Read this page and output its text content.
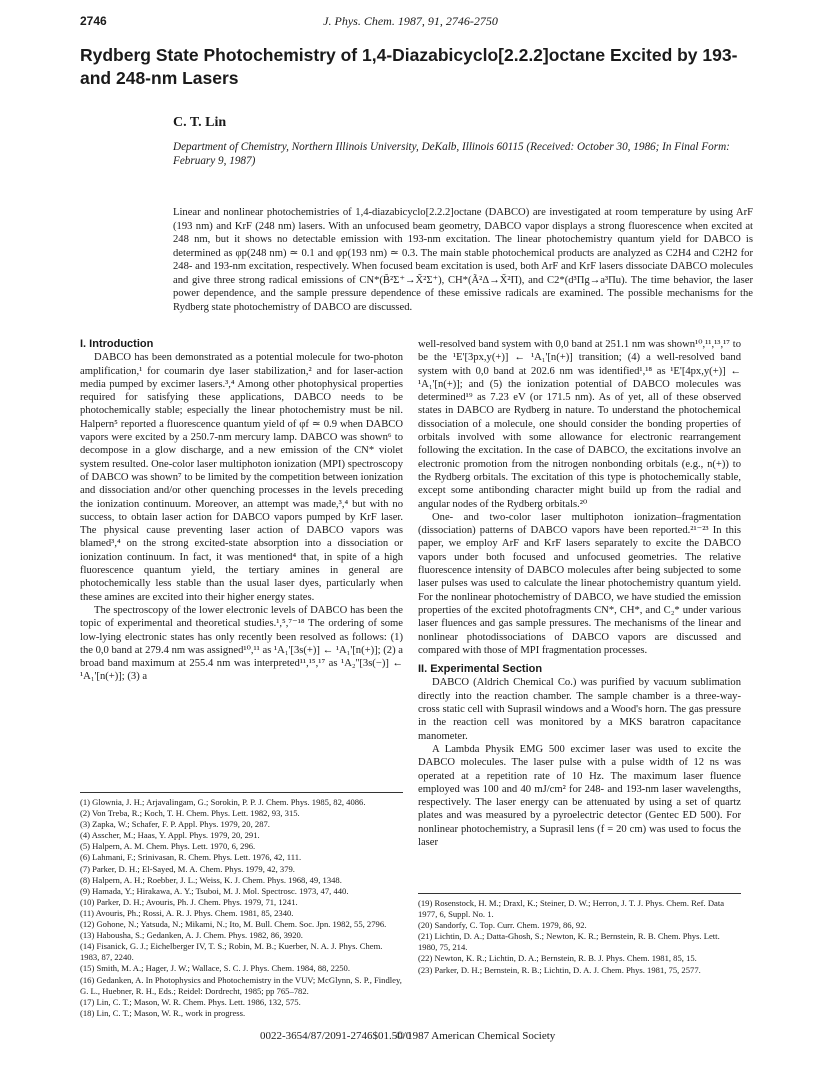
2746	J. Phys. Chem. 1987, 91, 2746-2750
Rydberg State Photochemistry of 1,4-Diazabicyclo[2.2.2]octane Excited by 193- and 248-nm Lasers
C. T. Lin
Department of Chemistry, Northern Illinois University, DeKalb, Illinois 60115 (Received: October 30, 1986; In Final Form: February 9, 1987)
Linear and nonlinear photochemistries of 1,4-diazabicyclo[2.2.2]octane (DABCO) are investigated at room temperature by using ArF (193 nm) and KrF (248 nm) lasers. With an unfocused beam geometry, DABCO vapor displays a strong fluorescence when excited at 248 nm, but it shows no detectable emission with 193-nm excitation. The linear photochemistry quantum yield for DABCO is determined as φp(248 nm) ≃ 0.1 and φp(193 nm) ≃ 0.3. The main stable photochemical products are analyzed as C2H4 and C2H2 for 248- and 193-nm excitation, respectively. When focused beam excitation is used, both ArF and KrF lasers dissociate DABCO molecules and give three strong radical emissions of CN*(B̃²Σ⁺→X̃²Σ⁺), CH*(Ã²Δ→X̃²Π), and C2*(d³Πg→a³Πu). The time behavior, the laser power dependence, and the sample pressure dependence of these emissive radicals are examined. The possible mechanisms for the Rydberg state photochemistry of DABCO are discussed.

I. Introduction

DABCO has been demonstrated as a potential molecule for two-photon amplification,¹ for coumarin dye laser stabilization,² and for laser-action media pumped by excimer lasers.³,⁴ Among other photophysical properties required for satisfying these applications, DABCO needs to be photochemically stable; especially the linear photochemistry must be nil. Halpern⁵ reported a fluorescence quantum yield of φf ≃ 0.9 when DABCO vapors were excited by a 250.7-nm mercury lamp. DABCO was shown⁶ to decompose in a glow discharge, and a new emission of the CN* violet system resulted. One-color laser multiphoton ionization (MPI) spectroscopy of DABCO was shown⁷ to be limited by the competition between ionization and dissociation and/or other quenching processes in the levels preceding the ionization continuum. Moreover, an attempt was made,³,⁴ but with no success, to obtain laser action for DABCO vapors pumped by KrF laser. The physical cause preventing laser action of DABCO vapors was blamed³,⁴ on the strong excited-state absorption into a dissociation or ionization continuum. In fact, it was mentioned⁴ that, in spite of a high fluorescence quantum yield, the tertiary amines in general are photochemically less stable than the usual laser dyes, particularly when these amines are excited into their higher energy states.

The spectroscopy of the lower electronic levels of DABCO has been the topic of experimental and theoretical studies.¹,⁵,⁷⁻¹⁸ The ordering of some low-lying electronic states has only recently been resolved as follows: (1) the 0,0 band at 279.4 nm was assigned¹⁰,¹¹ as ¹A₁'[3s(+)] ← ¹A₁'[n(+)]; (2) a broad band maximum at 255.4 nm was interpreted¹¹,¹⁵,¹⁷ as ¹A₂''[3s(−)] ← ¹A₁'[n(+)]; (3) a

(1) Glownia, J. H.; Arjavalingam, G.; Sorokin, P. P. J. Chem. Phys. 1985, 82, 4086.
(2) Von Treba, R.; Koch, T. H. Chem. Phys. Lett. 1982, 93, 315.
(3) Zapka, W.; Schafer, F. P. Appl. Phys. 1979, 20, 287.
(4) Asscher, M.; Haas, Y. Appl. Phys. 1979, 20, 291.
(5) Halpern, A. M. Chem. Phys. Lett. 1970, 6, 296.
(6) Lahmani, F.; Srinivasan, R. Chem. Phys. Lett. 1976, 42, 111.
(7) Parker, D. H.; El-Sayed, M. A. Chem. Phys. 1979, 42, 379.
(8) Halpern, A. H.; Roebber, J. L.; Weiss, K. J. Chem. Phys. 1968, 49, 1348.
(9) Hamada, Y.; Hirakawa, A. Y.; Tsuboi, M. J. Mol. Spectrosc. 1973, 47, 440.
(10) Parker, D. H.; Avouris, Ph. J. Chem. Phys. 1979, 71, 1241.
(11) Avouris, Ph.; Rossi, A. R. J. Phys. Chem. 1981, 85, 2340.
(12) Gohone, N.; Yatsuda, N.; Mikami, N.; Ito, M. Bull. Chem. Soc. Jpn. 1982, 55, 2796.
(13) Habousha, S.; Gedanken, A. J. Chem. Phys. 1982, 86, 3920.
(14) Fisanick, G. J.; Eichelberger IV, T. S.; Robin, M. B.; Kuerber, N. A. J. Phys. Chem. 1983, 87, 2240.
(15) Smith, M. A.; Hager, J. W.; Wallace, S. C. J. Phys. Chem. 1984, 88, 2250.
(16) Gedanken, A. In Photophysics and Photochemistry in the VUV; McGlynn, S. P., Findley, G. L., Huebner, R. H., Eds.; Reidel: Dordrecht, 1985; pp 765–782.
(17) Lin, C. T.; Mason, W. R. Chem. Phys. Lett. 1986, 132, 575.
(18) Lin, C. T.; Mason, W. R., work in progress.

well-resolved band system with 0,0 band at 251.1 nm was shown¹⁰,¹¹,¹³,¹⁷ to be the ¹E'[3px,y(+)] ← ¹A₁'[n(+)] transition; (4) a well-resolved band system with 0,0 band at 202.6 nm was identified¹,¹⁸ as ¹E'[4px,y(+)] ← ¹A₁'[n(+)]; and (5) the ionization potential of DABCO molecules was determined¹⁹ as 7.23 eV (or 171.5 nm). As of yet, all of these observed states in DABCO are Rydberg in nature. To understand the photochemical dissociation of a molecule, one should consider the bonding properties of orbitals involved with some allowance for electronic rearrangement following the excitation. In the case of DABCO, the excitations involve an electronic promotion from the nitrogen nonbonding orbitals (e.g., n(+)) to the Rydberg orbitals. The excitation of this type is photochemically stable, except some antibonding character might build up from the radial and angular nodes of the Rydberg orbitals.²⁰

One- and two-color laser multiphoton ionization–fragmentation (dissociation) patterns of DABCO vapors have been reported.²¹⁻²³ In this paper, we employ ArF and KrF lasers separately to excite the DABCO vapors under both focused and unfocused geometries. The relative fluorescence intensity of DABCO molecules after being subjected to some laser pulses was used to calculate the linear photochemistry quantum yield. For the nonlinear photochemistry of DABCO, we have studied the emission properties of the excited photofragments CN*, CH*, and C₂* under various laser fluences and gas sample pressures. The mechanisms of the linear and nonlinear photodissociations of DABCO vapors are discussed and compared with those of MPI fragmentation processes.

II. Experimental Section

DABCO (Aldrich Chemical Co.) was purified by vacuum sublimation directly into the reaction chamber. The sample chamber is a three-way-cross static cell with Suprasil windows and a Wood's horn. The gas pressure in the reaction cell was monitored by a MKS baratron capacitance manometer.

A Lambda Physik EMG 500 excimer laser was used to excite the DABCO molecules. The laser pulse with a pulse width of 12 ns was operated at a repetition rate of 10 Hz. The maximum laser fluence employed was 100 and 40 mJ/cm² for 248- and 193-nm laser wavelengths, respectively. The laser energy can be attenuated by using a set of quartz plates and was measured by a pyroelectric detector (Gentec ED 500). For nonlinear photochemistry, a Suprasil lens (f = 20 cm) was used to focus the laser

(19) Rosenstock, H. M.; Draxl, K.; Steiner, D. W.; Herron, J. T. J. Phys. Chem. Ref. Data 1977, 6, Suppl. No. 1.
(20) Sandorfy, C. Top. Curr. Chem. 1979, 86, 92.
(21) Lichtin, D. A.; Datta-Ghosh, S.; Newton, K. R.; Bernstein, R. B. Chem. Phys. Lett. 1980, 75, 214.
(22) Newton, K. R.; Lichtin, D. A.; Bernstein, R. B. J. Phys. Chem. 1981, 85, 15.
(23) Parker, D. H.; Bernstein, R. B.; Lichtin, D. A. J. Chem. Phys. 1981, 75, 2577.
0022-3654/87/2091-2746$01.50/0
© 1987 American Chemical Society
